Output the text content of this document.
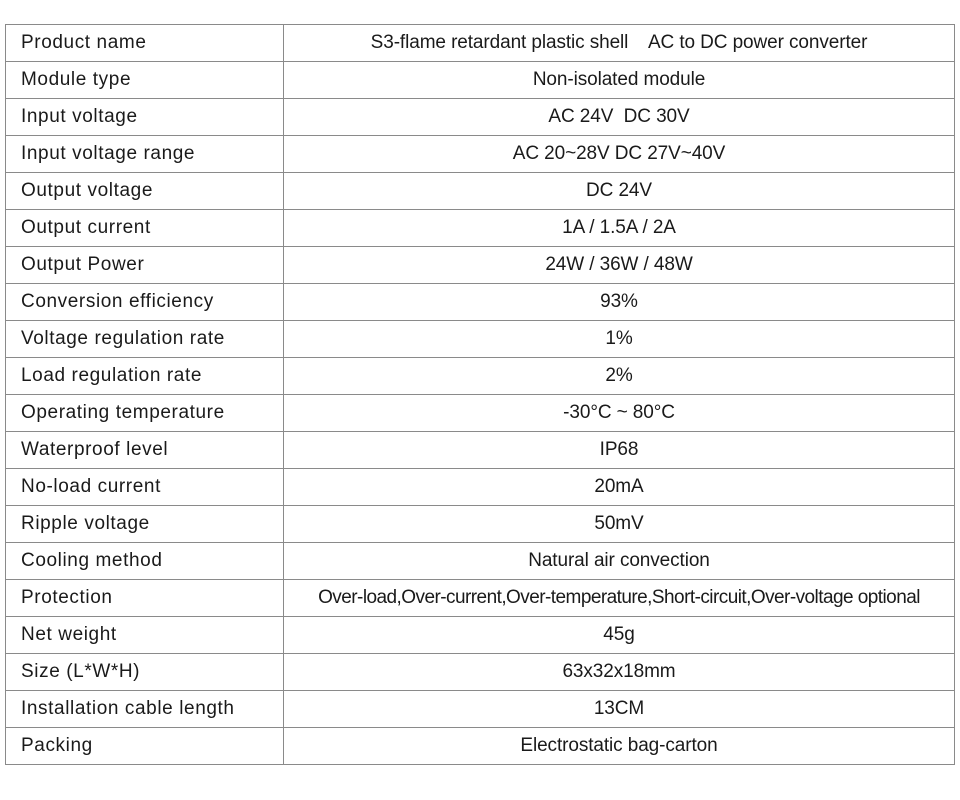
Product name	S3-flame retardant plastic shell    AC to DC power converter
Module type	Non-isolated module
Input voltage	AC 24V  DC 30V
Input voltage range	AC 20~28V DC 27V~40V
Output voltage	DC 24V
Output current	1A / 1.5A / 2A
Output Power	24W / 36W / 48W
Conversion efficiency	93%
Voltage regulation rate	1%
Load regulation rate	2%
Operating temperature	-30°C ~ 80°C
Waterproof level	IP68
No-load current	20mA
Ripple voltage	50mV
Cooling method	Natural air convection
Protection	Over-load,Over-current,Over-temperature,Short-circuit,Over-voltage optional
Net weight	45g
Size (L*W*H)	63x32x18mm
Installation cable length	13CM
Packing	Electrostatic bag-carton
